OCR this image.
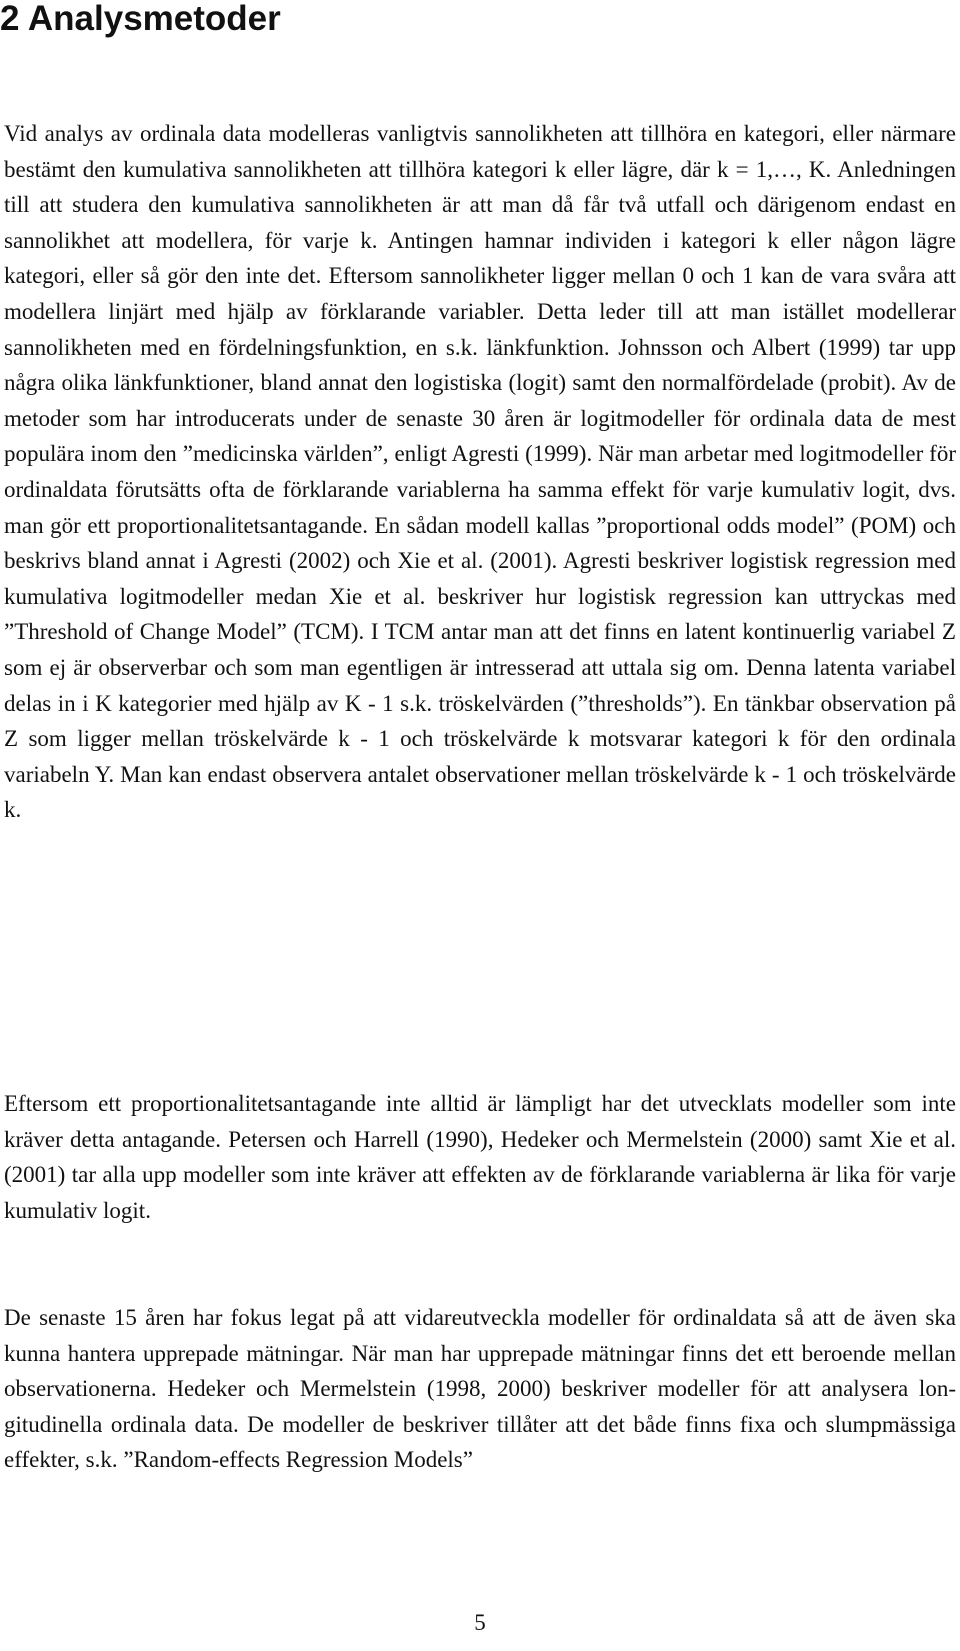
2 Analysmetoder

Vid analys av ordinala data modelleras vanligtvis sannolikheten att tillhöra en kategori, eller närmare bestämt den kumulativa sannolikheten att tillhöra kategori k eller lägre, där k = 1,…, K. Anledningen till att studera den kumulativa sannolikheten är att man då får två utfall och därigenom endast en sannolikhet att modellera, för varje k. Antingen hamnar individen i kategori k eller någon lägre kategori, eller så gör den inte det. Eftersom sannolikheter ligger mellan 0 och 1 kan de vara svåra att modellera linjärt med hjälp av förklarande variabler. Detta leder till att man istället modellerar sannolikheten med en fördelningsfunktion, en s.k. länkfunktion. Johnsson och Albert (1999) tar upp några olika länkfunktioner, bland annat den logistiska (logit) samt den normalfördelade (probit). Av de metoder som har introducerats under de senaste 30 åren är logitmodeller för ordinala data de mest populära inom den ”medicinska världen”, enligt Agresti (1999). När man arbetar med logitmodeller för ordinaldata förutsätts ofta de förklarande variablerna ha samma effekt för varje kumulativ logit, dvs. man gör ett proportionalitetsantagande. En sådan modell kallas ”proportional odds model” (POM) och beskrivs bland annat i Agresti (2002) och Xie et al. (2001). Agresti beskriver logistisk regression med kumulativa logitmodeller medan Xie et al. beskriver hur logistisk regression kan uttryckas med ”Threshold of Change Model” (TCM). I TCM antar man att det finns en latent kontinuerlig variabel Z som ej är observerbar och som man egentligen är intresserad att uttala sig om. Denna latenta variabel delas in i K kategorier med hjälp av K - 1 s.k. tröskelvärden (”thresholds”). En tänkbar observation på Z som ligger mellan tröskelvärde k - 1 och tröskelvärde k motsvarar kategori k för den ordinala variabeln Y. Man kan endast observera antalet observationer mellan tröskelvärde k - 1 och tröskelvärde k.

Eftersom ett proportionalitetsantagande inte alltid är lämpligt har det utvecklats modeller som inte kräver detta antagande. Petersen och Harrell (1990), Hedeker och Mermelstein (2000) samt Xie et al. (2001) tar alla upp modeller som inte kräver att effekten av de förklarande variablerna är lika för varje kumulativ logit.

De senaste 15 åren har fokus legat på att vidareutveckla modeller för ordinaldata så att de även ska kunna hantera upprepade mätningar. När man har upprepade mätningar finns det ett beroende mellan observationerna. Hedeker och Mermelstein (1998, 2000) beskriver modeller för att analysera longitudinella ordinala data. De modeller de beskriver tillåter att det både finns fixa och slumpmässiga effekter, s.k. ”Random-effects Regression Models”

5
